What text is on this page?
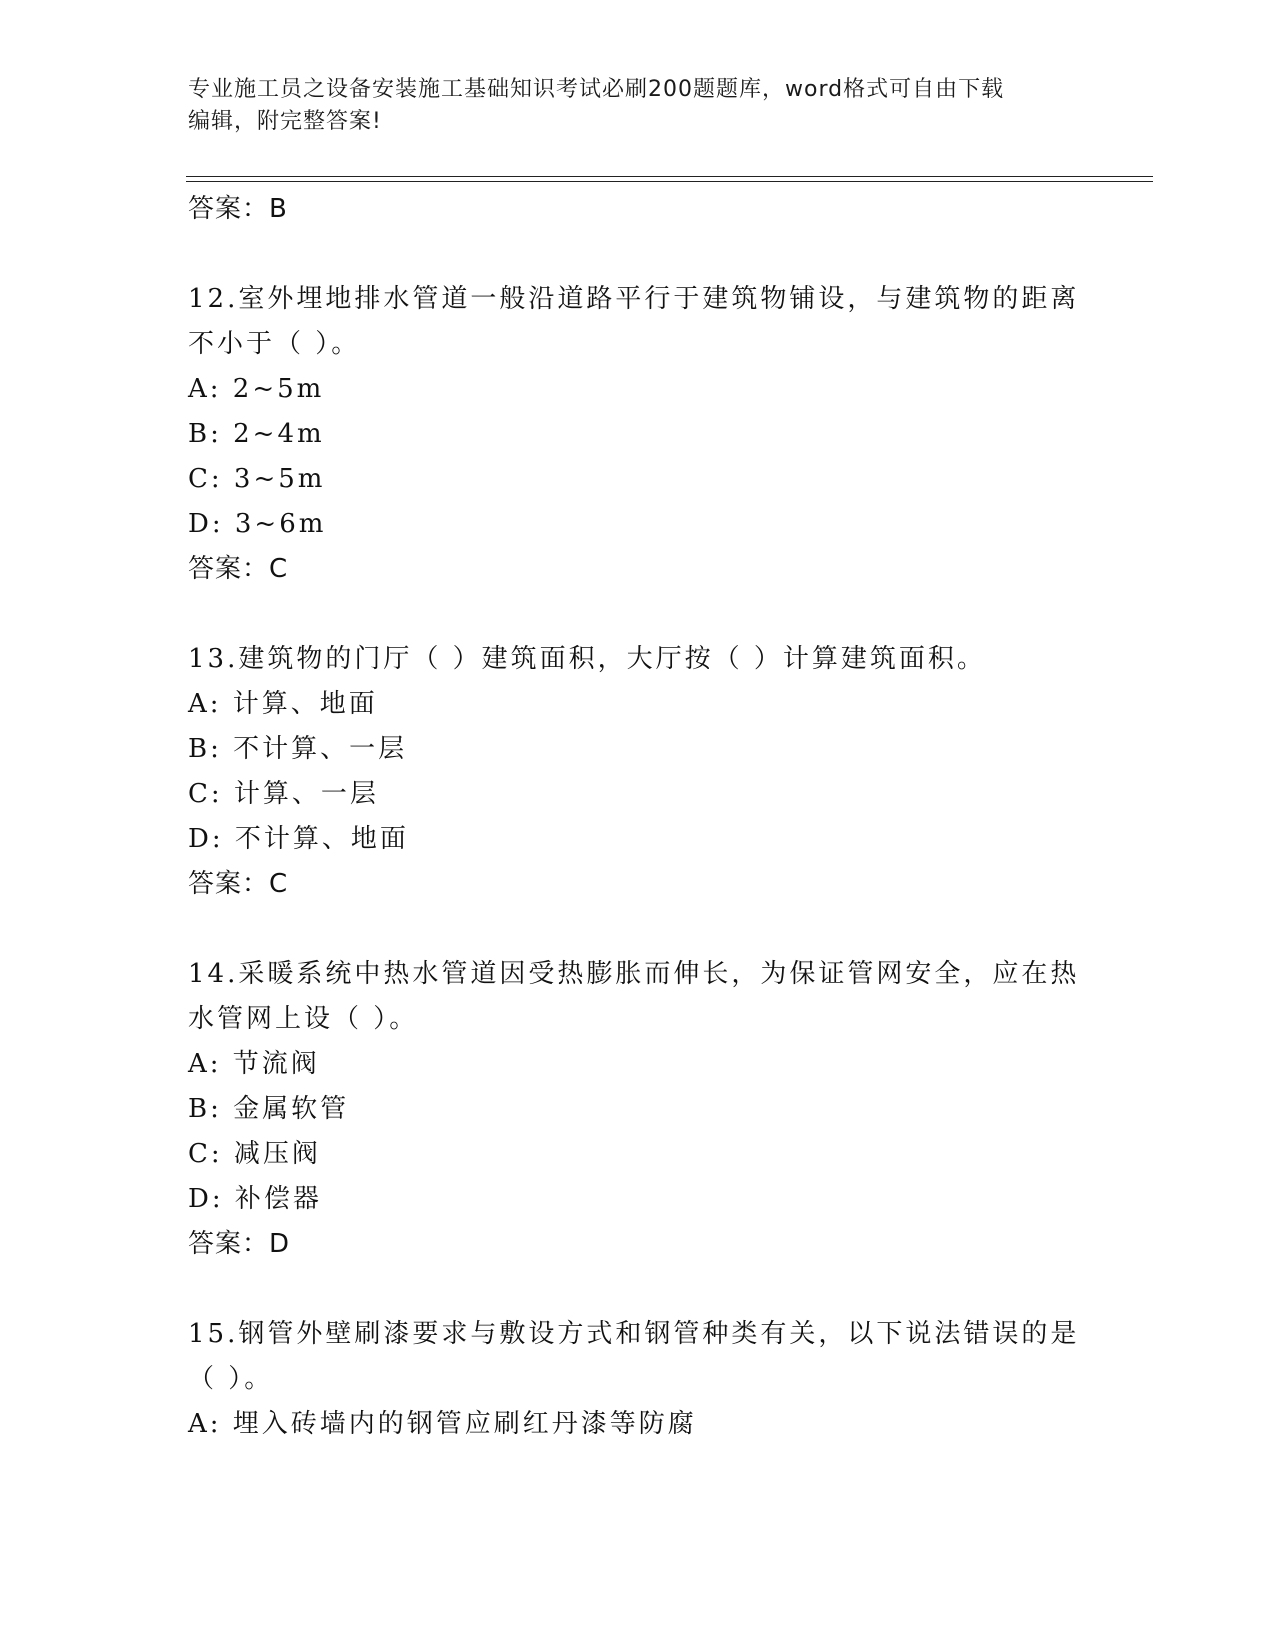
专业施工员之设备安装施工基础知识考试必刷200题题库，word格式可自由下载
编辑，附完整答案!
答案：B
12.室外埋地排水管道一般沿道路平行于建筑物铺设，与建筑物的距离
不小于（ ）。
A: 2~5m
B: 2~4m
C: 3~5m
D: 3~6m
答案：C
13.建筑物的门厅（ ）建筑面积，大厅按（ ）计算建筑面积。
A: 计算、地面
B: 不计算、一层
C: 计算、一层
D: 不计算、地面
答案：C
14.采暖系统中热水管道因受热膨胀而伸长，为保证管网安全，应在热
水管网上设（ ）。
A: 节流阀
B: 金属软管
C: 减压阀
D: 补偿器
答案：D
15.钢管外壁刷漆要求与敷设方式和钢管种类有关，以下说法错误的是
（ ）。
A: 埋入砖墙内的钢管应刷红丹漆等防腐
